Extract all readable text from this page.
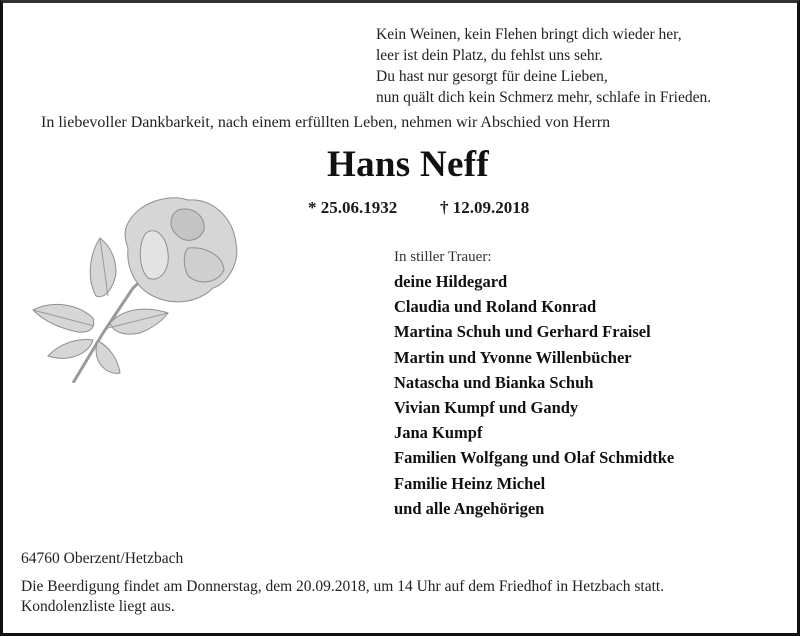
Kein Weinen, kein Flehen bringt dich wieder her,
leer ist dein Platz, du fehlst uns sehr.
Du hast nur gesorgt für deine Lieben,
nun quält dich kein Schmerz mehr, schlafe in Frieden.
In liebevoller Dankbarkeit, nach einem erfüllten Leben, nehmen wir Abschied von Herrn
Hans Neff
* 25.06.1932	† 12.09.2018
In stiller Trauer:
deine Hildegard
Claudia und Roland Konrad
Martina Schuh und Gerhard Fraisel
Martin und Yvonne Willenbücher
Natascha und Bianka Schuh
Vivian Kumpf und Gandy
Jana Kumpf
Familien Wolfgang und Olaf Schmidtke
Familie Heinz Michel
und alle Angehörigen
64760 Oberzent/Hetzbach
Die Beerdigung findet am Donnerstag, dem 20.09.2018, um 14 Uhr auf dem Friedhof in Hetzbach statt.
Kondolenzliste liegt aus.
